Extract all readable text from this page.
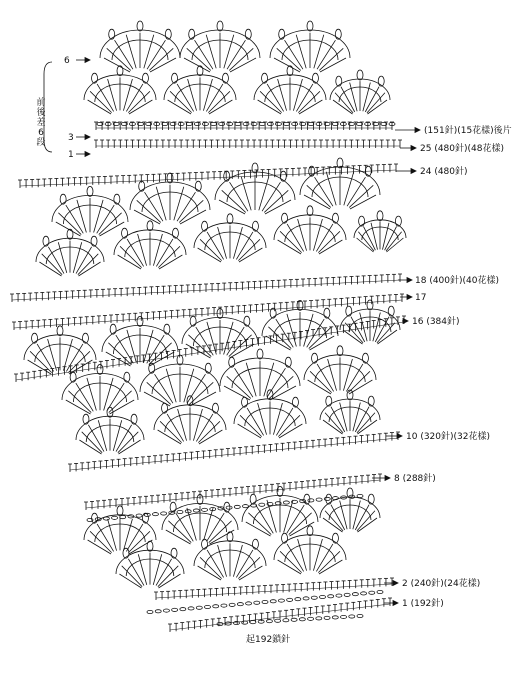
6
3
1
前後差6段
(151針)(15花樣)後片
25 (480針)(48花樣)
24 (480針)
18 (400針)(40花樣)
17
16 (384針)
10 (320針)(32花樣)
8 (288針)
2 (240針)(24花樣)
1 (192針)
起192鎖針
